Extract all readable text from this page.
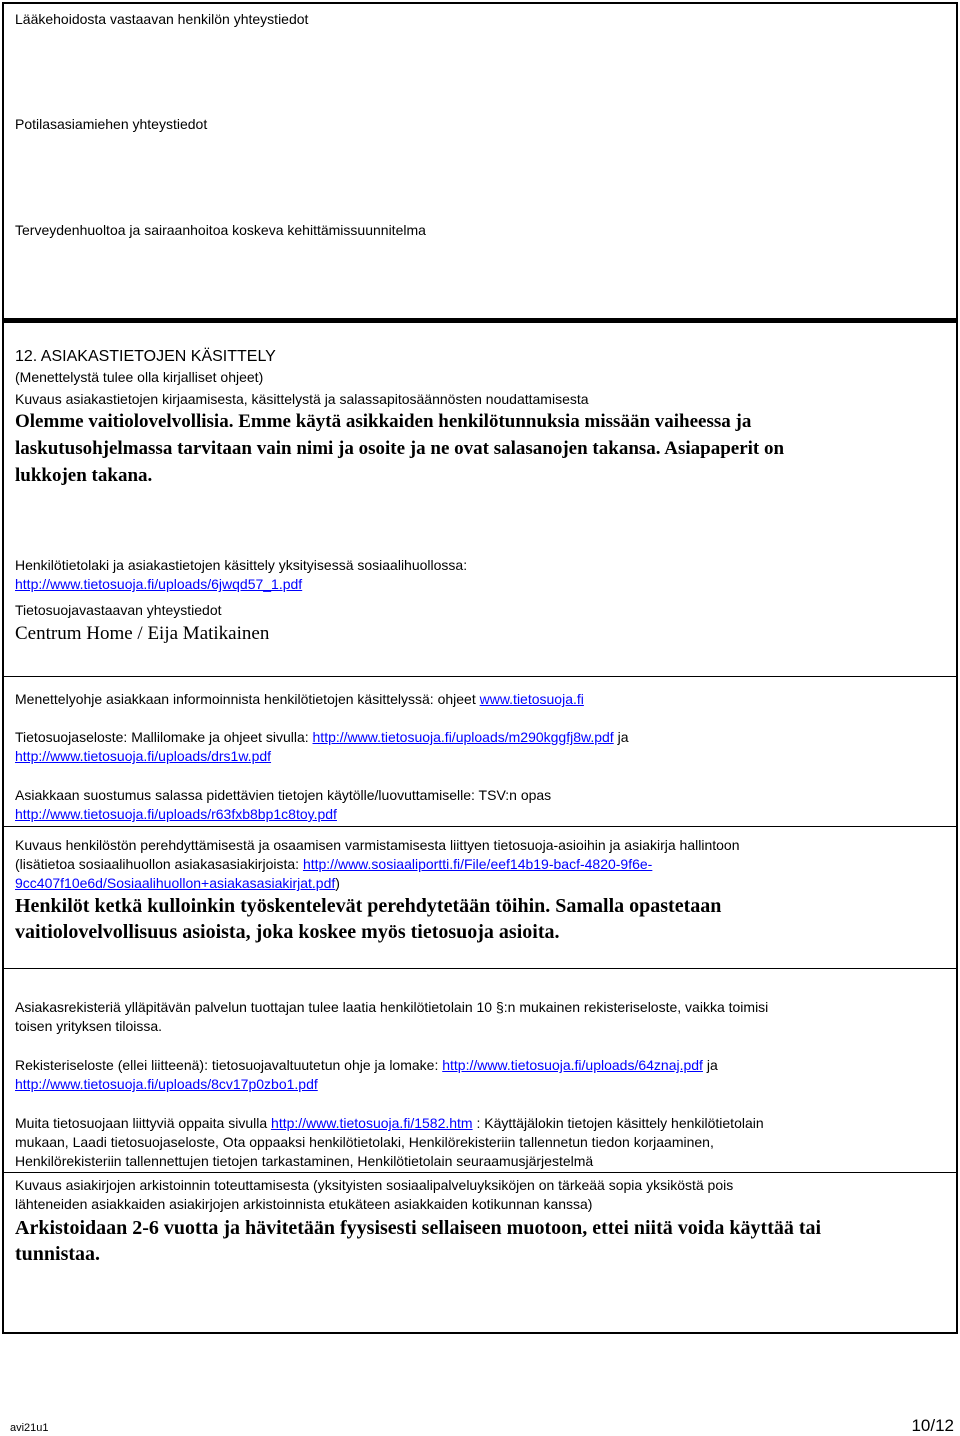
Lääkehoidosta vastaavan henkilön yhteystiedot

Potilasasiamiehen yhteystiedot

Terveydenhuoltoa ja sairaanhoitoa koskeva kehittämissuunnitelma

12. ASIAKASTIETOJEN KÄSITTELY

(Menettelystä tulee olla kirjalliset ohjeet)

Kuvaus asiakastietojen kirjaamisesta, käsittelystä ja salassapitosäännösten noudattamisesta

Olemme vaitiolovelvollisia. Emme käytä asikkaiden henkilötunnuksia missään vaiheessa ja

laskutusohjelmassa tarvitaan vain nimi ja osoite ja ne ovat salasanojen takansa. Asiapaperit on

lukkojen takana.

Henkilötietolaki ja asiakastietojen käsittely yksityisessä sosiaalihuollossa:

http://www.tietosuoja.fi/uploads/6jwqd57_1.pdf

Tietosuojavastaavan yhteystiedot

Centrum Home / Eija Matikainen

Menettelyohje asiakkaan informoinnista henkilötietojen käsittelyssä: ohjeet www.tietosuoja.fi

Tietosuojaseloste: Mallilomake ja ohjeet sivulla: http://www.tietosuoja.fi/uploads/m290kggfj8w.pdf ja

http://www.tietosuoja.fi/uploads/drs1w.pdf

Asiakkaan suostumus salassa pidettävien tietojen käytölle/luovuttamiselle: TSV:n opas

http://www.tietosuoja.fi/uploads/r63fxb8bp1c8toy.pdf

Kuvaus henkilöstön perehdyttämisestä ja osaamisen varmistamisesta liittyen tietosuoja-asioihin ja asiakirja hallintoon

(lisätietoa sosiaalihuollon asiakasasiakirjoista: http://www.sosiaaliportti.fi/File/eef14b19-bacf-4820-9f6e-

9cc407f10e6d/Sosiaalihuollon+asiakasasiakirjat.pdf)

Henkilöt ketkä kulloinkin työskentelevät perehdytetään töihin. Samalla opastetaan

vaitiolovelvollisuus asioista, joka koskee myös tietosuoja asioita.

Asiakasrekisteriä ylläpitävän palvelun tuottajan tulee laatia henkilötietolain 10 §:n mukainen rekisteriseloste, vaikka toimisi

toisen yrityksen tiloissa.

Rekisteriseloste (ellei liitteenä): tietosuojavaltuutetun ohje ja lomake: http://www.tietosuoja.fi/uploads/64znaj.pdf ja

http://www.tietosuoja.fi/uploads/8cv17p0zbo1.pdf

Muita tietosuojaan liittyviä oppaita sivulla http://www.tietosuoja.fi/1582.htm : Käyttäjälokin tietojen käsittely henkilötietolain

mukaan, Laadi tietosuojaseloste, Ota oppaaksi henkilötietolaki, Henkilörekisteriin tallennetun tiedon korjaaminen,

Henkilörekisteriin tallennettujen tietojen tarkastaminen, Henkilötietolain seuraamusjärjestelmä

Kuvaus asiakirjojen arkistoinnin toteuttamisesta (yksityisten sosiaalipalveluyksiköjen on tärkeää sopia yksiköstä pois

lähteneiden asiakkaiden asiakirjojen arkistoinnista etukäteen asiakkaiden kotikunnan kanssa)

Arkistoidaan 2-6 vuotta ja hävitetään fyysisesti sellaiseen muotoon, ettei niitä voida käyttää tai

tunnistaa.

avi21u1	10/12
